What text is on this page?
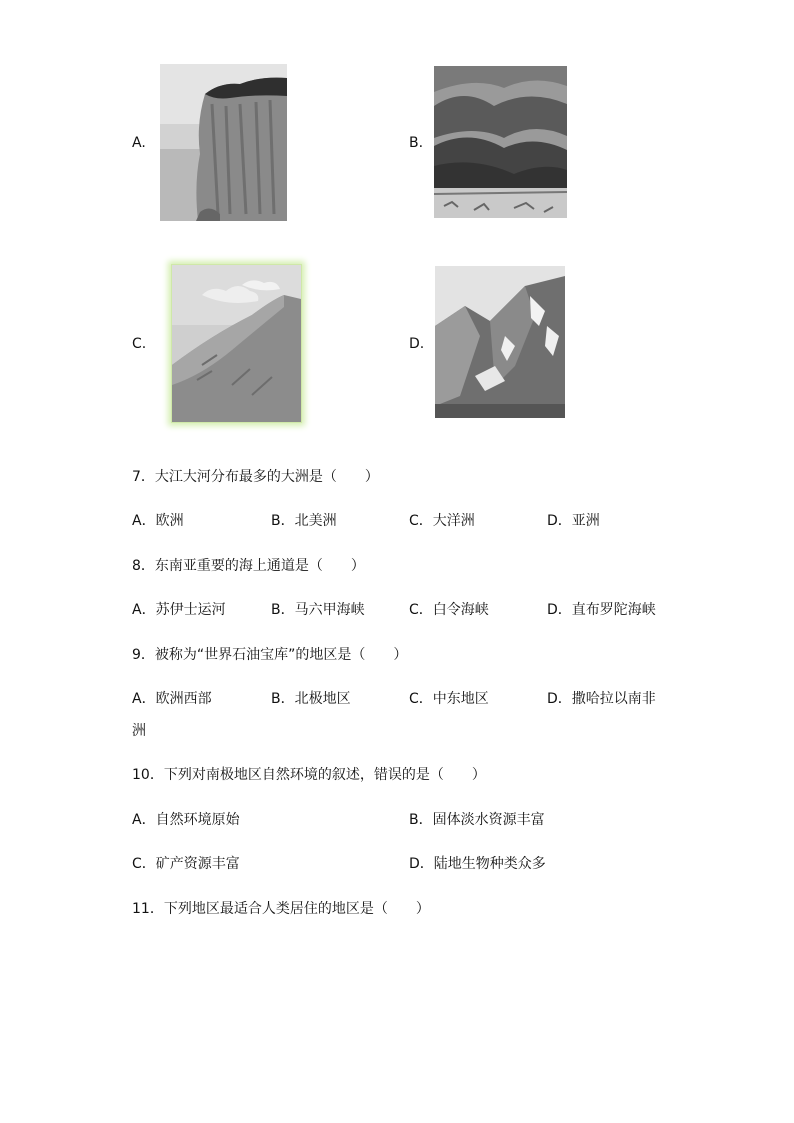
A.	B.
C.	D.
7．大江大河分布最多的大洲是（　　）
A．欧洲	B．北美洲	C．大洋洲	D．亚洲
8．东南亚重要的海上通道是（　　）
A．苏伊士运河	B．马六甲海峡	C．白令海峡	D．直布罗陀海峡
9．被称为“世界石油宝库”的地区是（　　）
A．欧洲西部	B．北极地区	C．中东地区	D．撒哈拉以南非
洲
10．下列对南极地区自然环境的叙述，错误的是（　　）
A．自然环境原始	B．固体淡水资源丰富
C．矿产资源丰富	D．陆地生物种类众多
11．下列地区最适合人类居住的地区是（　　）
